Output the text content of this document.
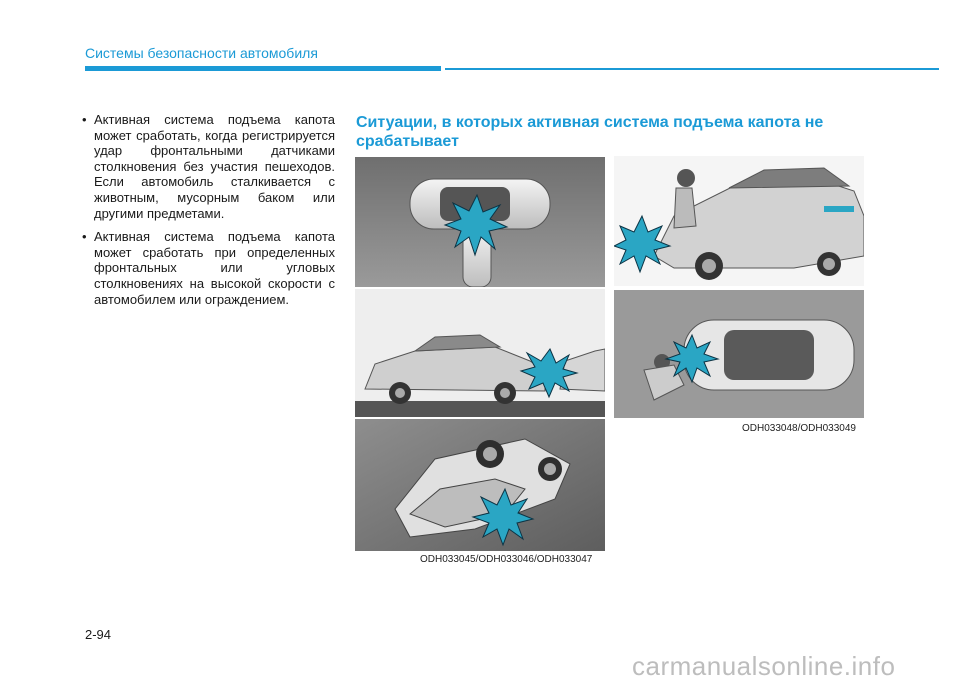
Системы безопасности автомобиля
• Активная система подъема капота может сработать, когда регистрируется удар фронтальными датчиками столкновения без участия пешеходов. Если автомобиль сталкивается с животным, мусорным баком или другими предметами.
• Активная система подъема капота может сработать при определенных фронтальных или угловых столкновениях на высокой скорости с автомобилем или ограждением.
Ситуации, в которых активная система подъема капота не срабатывает
ODH033045/ODH033046/ODH033047
ODH033048/ODH033049
2-94
carmanualsonline.info
